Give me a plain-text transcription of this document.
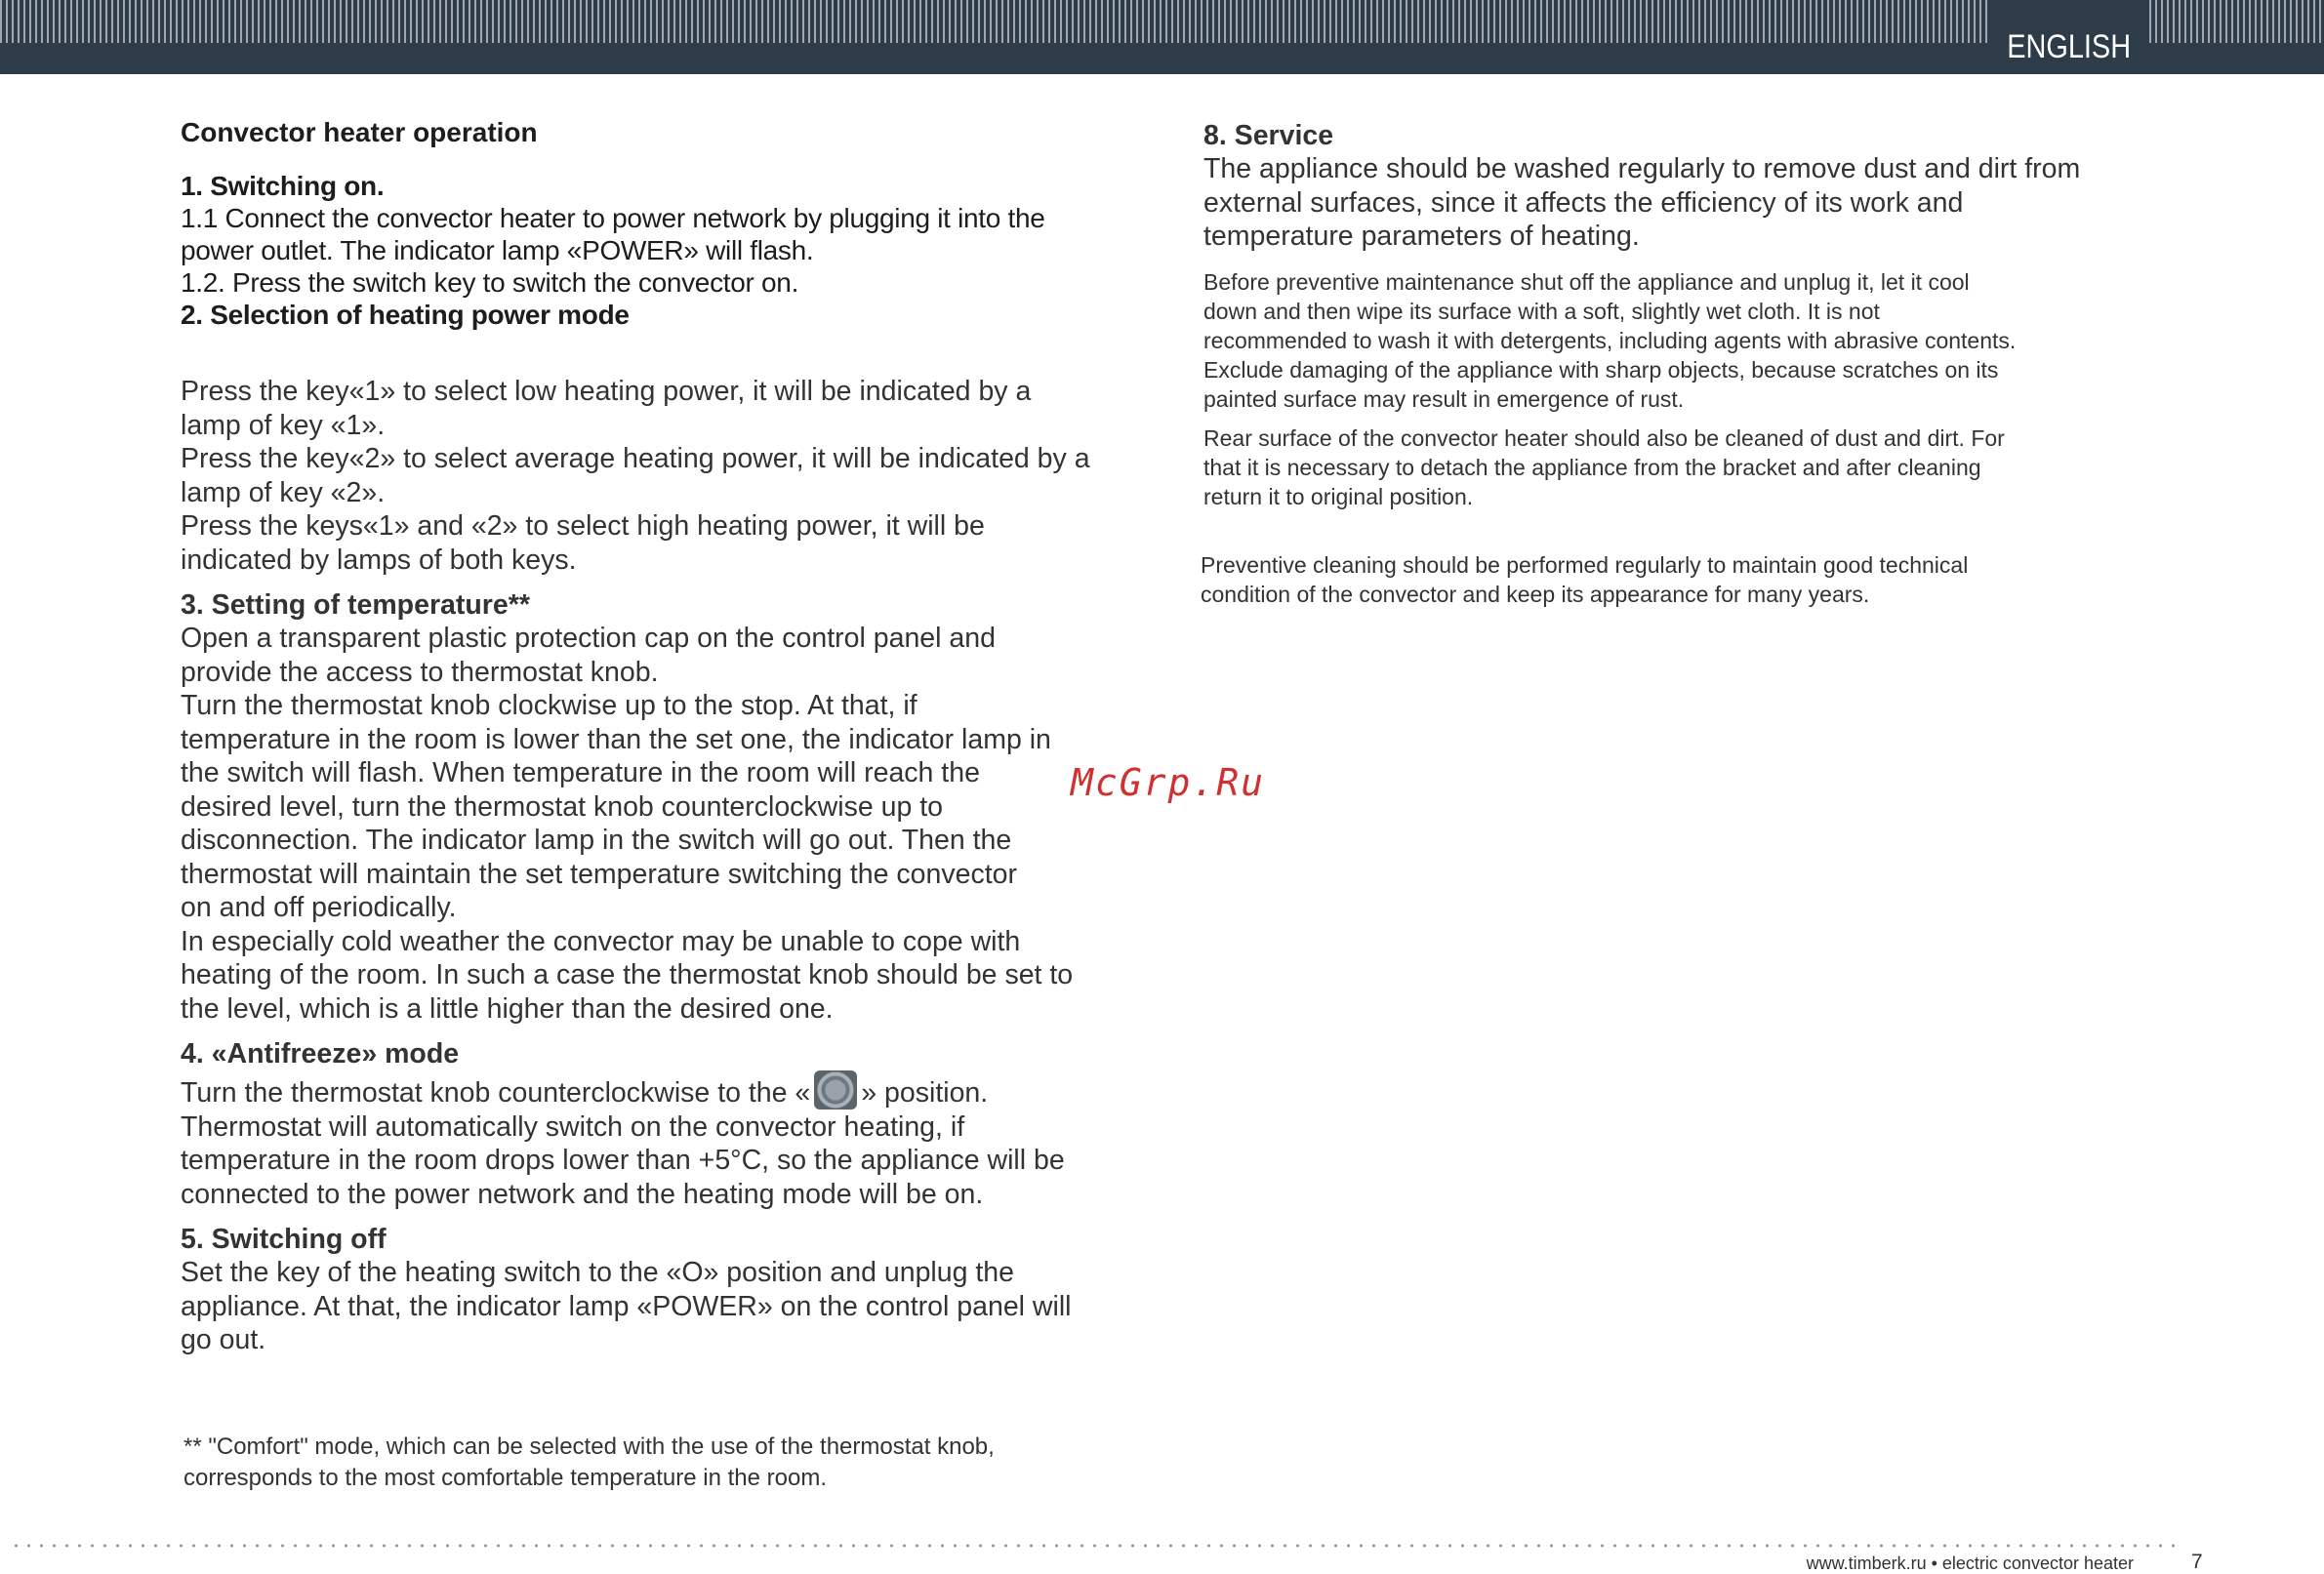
ENGLISH
Convector heater operation
1. Switching on.
1.1 Connect the convector heater to power network by plugging it into the
power outlet. The indicator lamp «POWER» will flash.
1.2. Press the switch key to switch the convector on.
2. Selection of heating power mode
Press the key«1» to select low heating power, it will be indicated by a
lamp of key «1».
Press the key«2» to select average heating power, it will be indicated by a
lamp of key «2».
Press the keys«1» and «2» to select high heating power, it will be
indicated by lamps of both keys.
3. Setting of temperature**
Open a transparent plastic protection cap on the control panel and
provide the access to thermostat knob.
Turn the thermostat knob clockwise up to the stop. At that, if
temperature in the room is lower than the set one, the indicator lamp in
the switch will flash. When temperature in the room will reach the
desired level, turn the thermostat knob counterclockwise up to
disconnection. The indicator lamp in the switch will go out. Then the
thermostat will maintain the set temperature switching the convector
on and off periodically.
In especially cold weather the convector may be unable to cope with
heating of the room. In such a case the thermostat knob should be set to
the level, which is a little higher than the desired one.
4. «Antifreeze» mode
Turn the thermostat knob counterclockwise to the « » position.
Thermostat will automatically switch on the convector heating, if
temperature in the room drops lower than +5°C, so the appliance will be
connected to the power network and the heating mode will be on.
5. Switching off
Set the key of the heating switch to the «O» position and unplug the
appliance. At that, the indicator lamp «POWER» on the control panel will
go out.
** "Comfort" mode, which can be selected with the use of the thermostat knob,
corresponds to the most comfortable temperature in the room.
8. Service
The appliance should be washed regularly to remove dust and dirt from
external surfaces, since it affects the efficiency of its work and
temperature parameters of heating.
Before preventive maintenance shut off the appliance and unplug it, let it cool
down and then wipe its surface with a soft, slightly wet cloth. It is not
recommended to wash it with detergents, including agents with abrasive contents.
Exclude damaging of the appliance with sharp objects, because scratches on its
painted surface may result in emergence of rust.
Rear surface of the convector heater should also be cleaned of dust and dirt. For
that it is necessary to detach the appliance from the bracket and after cleaning
return it to original position.
Preventive cleaning should be performed regularly to maintain good technical
condition of the convector and keep its appearance for many years.
McGrp.Ru
www.timberk.ru • electric convector heater	7
